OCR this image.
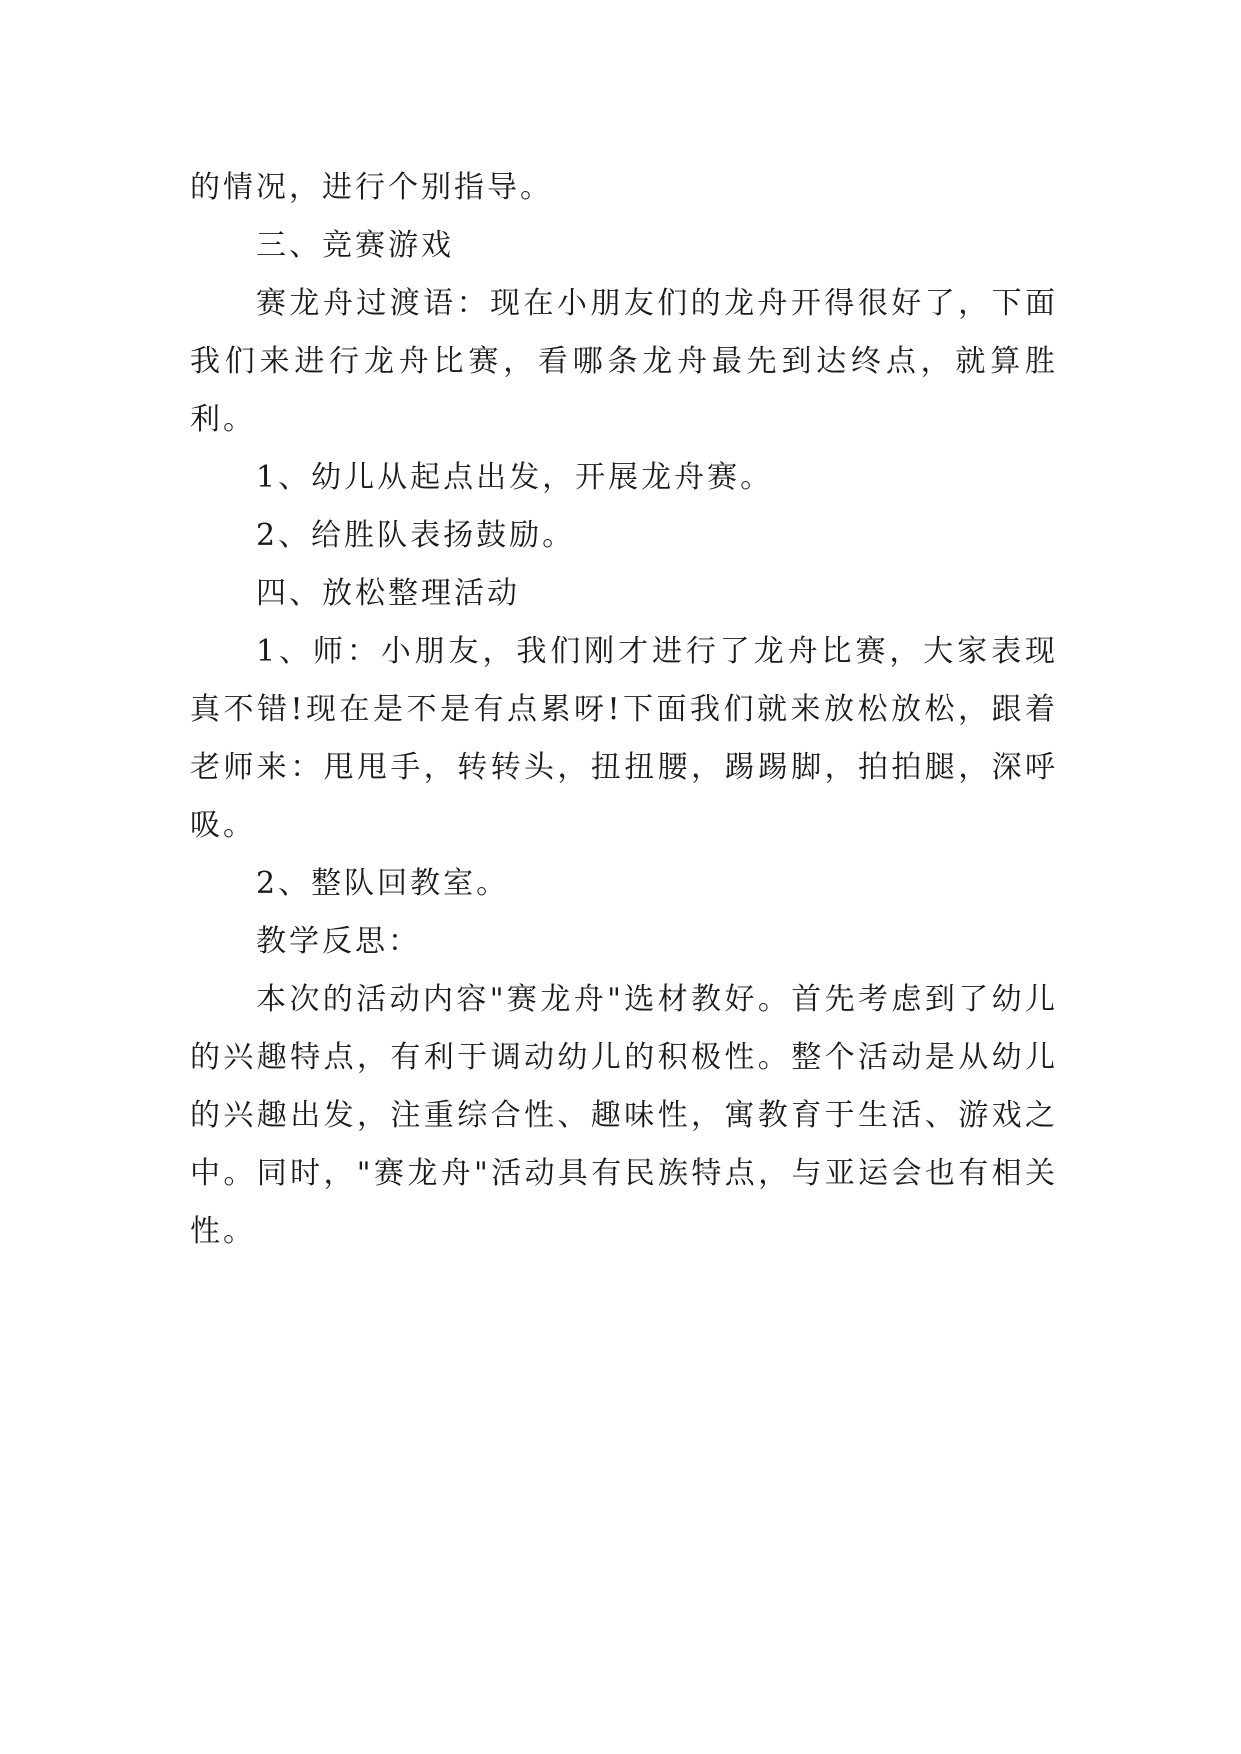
的情况，进行个别指导。

三、竞赛游戏

赛龙舟过渡语：现在小朋友们的龙舟开得很好了，下面我们来进行龙舟比赛，看哪条龙舟最先到达终点，就算胜利。

1、幼儿从起点出发，开展龙舟赛。

2、给胜队表扬鼓励。

四、放松整理活动

1、师：小朋友，我们刚才进行了龙舟比赛，大家表现真不错!现在是不是有点累呀!下面我们就来放松放松，跟着老师来：甩甩手，转转头，扭扭腰，踢踢脚，拍拍腿，深呼吸。

2、整队回教室。

教学反思：

本次的活动内容"赛龙舟"选材教好。首先考虑到了幼儿的兴趣特点，有利于调动幼儿的积极性。整个活动是从幼儿的兴趣出发，注重综合性、趣味性，寓教育于生活、游戏之中。同时，"赛龙舟"活动具有民族特点，与亚运会也有相关性。
